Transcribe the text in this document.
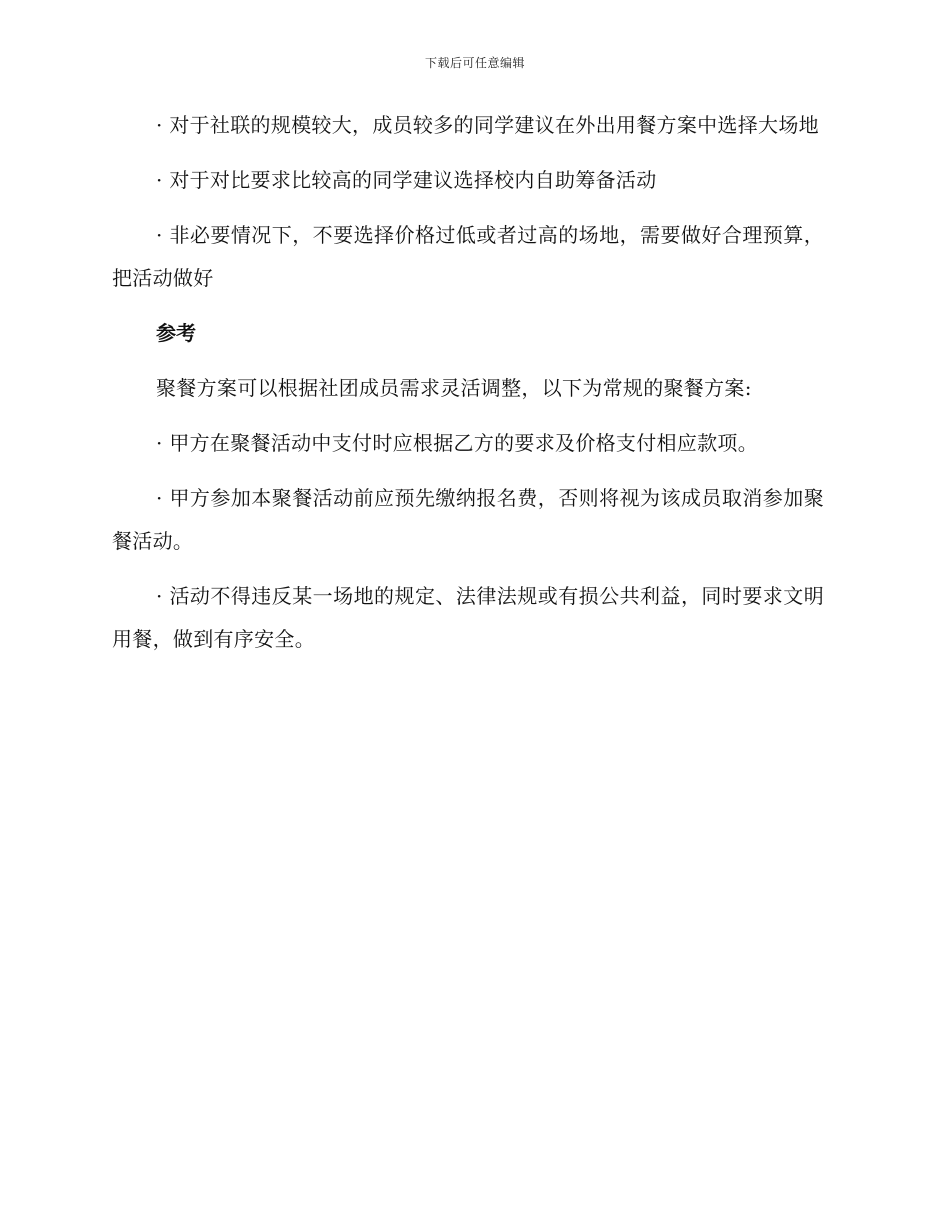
下载后可任意编辑

· 对于社联的规模较大，成员较多的同学建议在外出用餐方案中选择大场地

· 对于对比要求比较高的同学建议选择校内自助筹备活动

· 非必要情况下，不要选择价格过低或者过高的场地，需要做好合理预算，把活动做好

参考

聚餐方案可以根据社团成员需求灵活调整，以下为常规的聚餐方案:

· 甲方在聚餐活动中支付时应根据乙方的要求及价格支付相应款项。

· 甲方参加本聚餐活动前应预先缴纳报名费，否则将视为该成员取消参加聚餐活动。

· 活动不得违反某一场地的规定、法律法规或有损公共利益，同时要求文明用餐，做到有序安全。
